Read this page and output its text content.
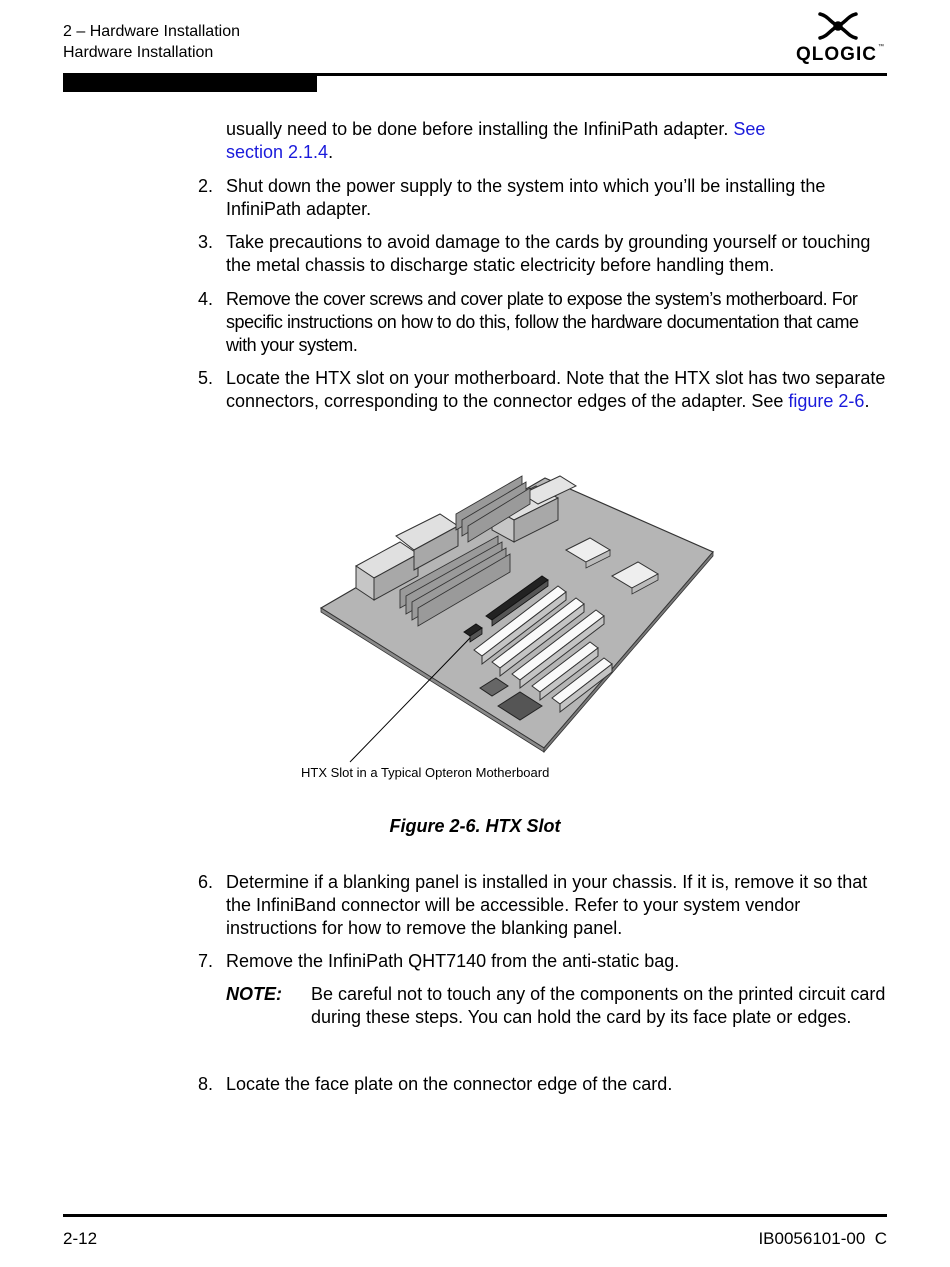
2 – Hardware Installation
Hardware Installation	QLOGIC ™

usually need to be done before installing the InfiniPath adapter. See
section 2.1.4.

2. Shut down the power supply to the system into which you’ll be installing the InfiniPath adapter.

3. Take precautions to avoid damage to the cards by grounding yourself or touching the metal chassis to discharge static electricity before handling them.

4. Remove the cover screws and cover plate to expose the system’s motherboard. For specific instructions on how to do this, follow the hardware documentation that came with your system.

5. Locate the HTX slot on your motherboard. Note that the HTX slot has two separate connectors, corresponding to the connector edges of the adapter. See figure 2-6.

HTX Slot in a Typical Opteron Motherboard
Figure 2-6. HTX Slot
6. Determine if a blanking panel is installed in your chassis. If it is, remove it so that the InfiniBand connector will be accessible. Refer to your system vendor instructions for how to remove the blanking panel.

7. Remove the InfiniPath QHT7140 from the anti-static bag.

NOTE: Be careful not to touch any of the components on the printed circuit card during these steps. You can hold the card by its face plate or edges.

8. Locate the face plate on the connector edge of the card.

2-12	IB0056101-00  C
